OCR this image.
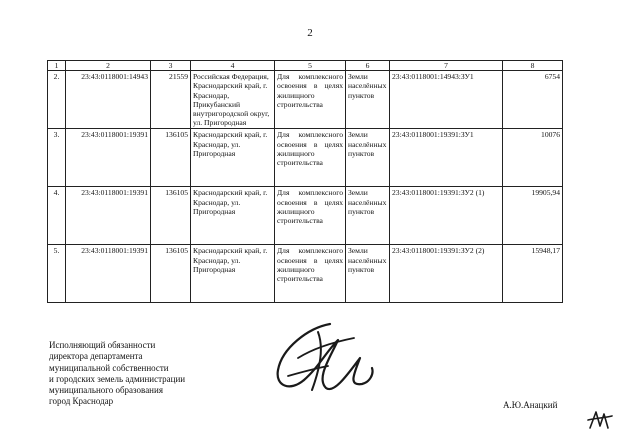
2
1	2	3	4	5	6	7	8
2.	23:43:0118001:14943	21559	Российская Федерация, Краснодарский край, г. Краснодар, Прикубанский внутригородской округ, ул. Пригородная	Для комплексного освоения в целях жилищного строительства	Земли населённых пунктов	23:43:0118001:14943:ЗУ1	6754
3.	23:43:0118001:19391	136105	Краснодарский край, г. Краснодар, ул. Пригородная	Для комплексного освоения в целях жилищного строительства	Земли населённых пунктов	23:43:0118001:19391:ЗУ1	10076
4.	23:43:0118001:19391	136105	Краснодарский край, г. Краснодар, ул. Пригородная	Для комплексного освоения в целях жилищного строительства	Земли населённых пунктов	23:43:0118001:19391:ЗУ2 (1)	19905,94
5.	23:43:0118001:19391	136105	Краснодарский край, г. Краснодар, ул. Пригородная	Для комплексного освоения в целях жилищного строительства	Земли населённых пунктов	23:43:0118001:19391:ЗУ2 (2)	15948,17
Исполняющий обязанности
директора департамента
муниципальной собственности
и городских земель администрации
муниципального образования
город Краснодар	А.Ю.Анацкий
